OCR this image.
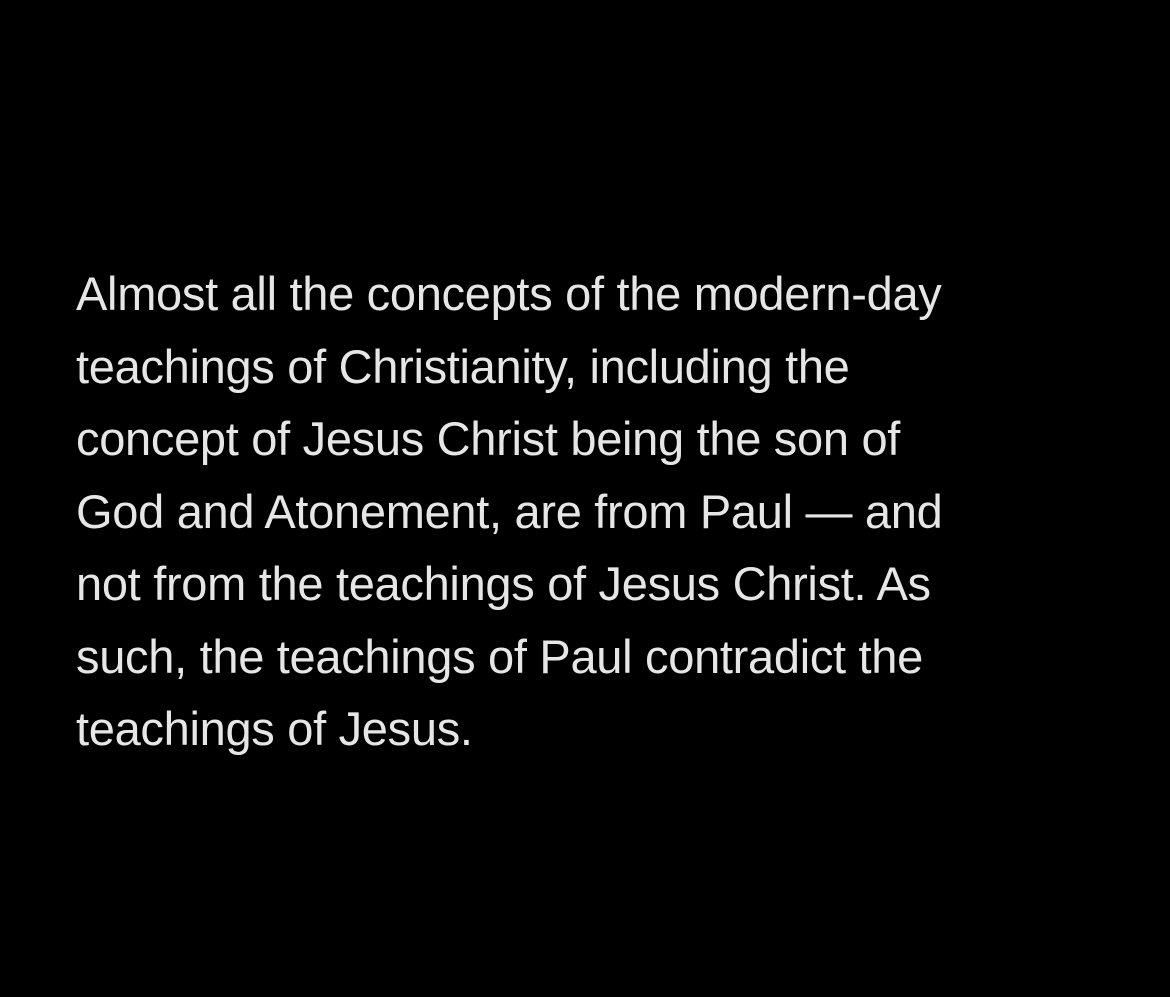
Almost all the concepts of the modern-day
teachings of Christianity, including the
concept of Jesus Christ being the son of
God and Atonement, are from Paul — and
not from the teachings of Jesus Christ. As
such, the teachings of Paul contradict the
teachings of Jesus.
